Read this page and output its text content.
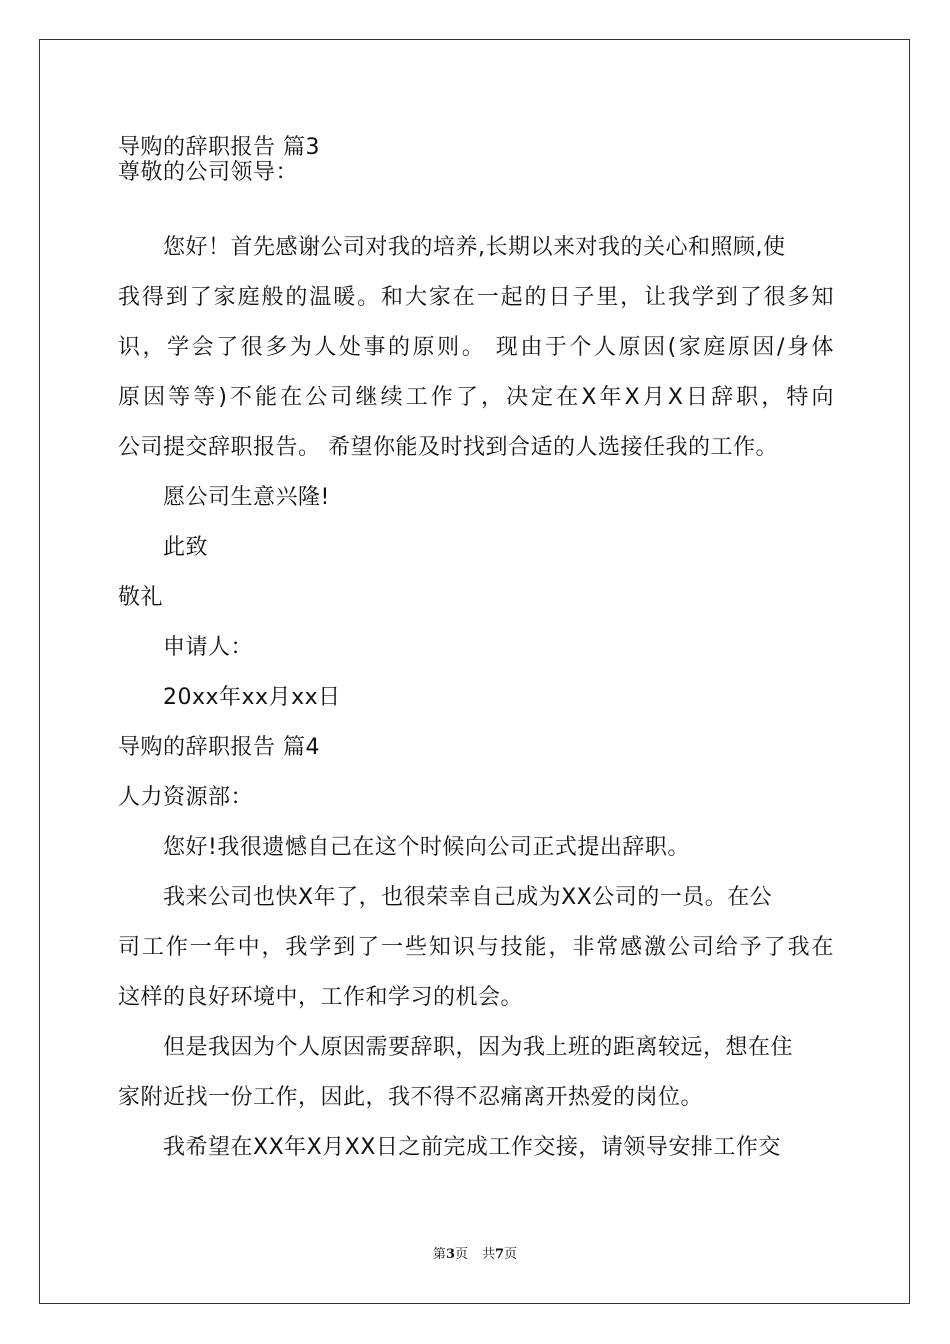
导购的辞职报告 篇3
尊敬的公司领导：
您好！首先感谢公司对我的培养,长期以来对我的关心和照顾,使
我得到了家庭般的温暖。和大家在一起的日子里，让我学到了很多知
识，学会了很多为人处事的原则。 现由于个人原因(家庭原因/身体
原因等等)不能在公司继续工作了，决定在X年X月X日辞职，特向
公司提交辞职报告。 希望你能及时找到合适的人选接任我的工作。
愿公司生意兴隆!
此致
敬礼
申请人：
20xx年xx月xx日
导购的辞职报告 篇4
人力资源部：
您好!我很遗憾自己在这个时候向公司正式提出辞职。
我来公司也快X年了，也很荣幸自己成为XX公司的一员。在公
司工作一年中，我学到了一些知识与技能，非常感激公司给予了我在
这样的良好环境中，工作和学习的机会。
但是我因为个人原因需要辞职，因为我上班的距离较远，想在住
家附近找一份工作，因此，我不得不忍痛离开热爱的岗位。
我希望在XX年X月XX日之前完成工作交接，请领导安排工作交
第3页 共7页
